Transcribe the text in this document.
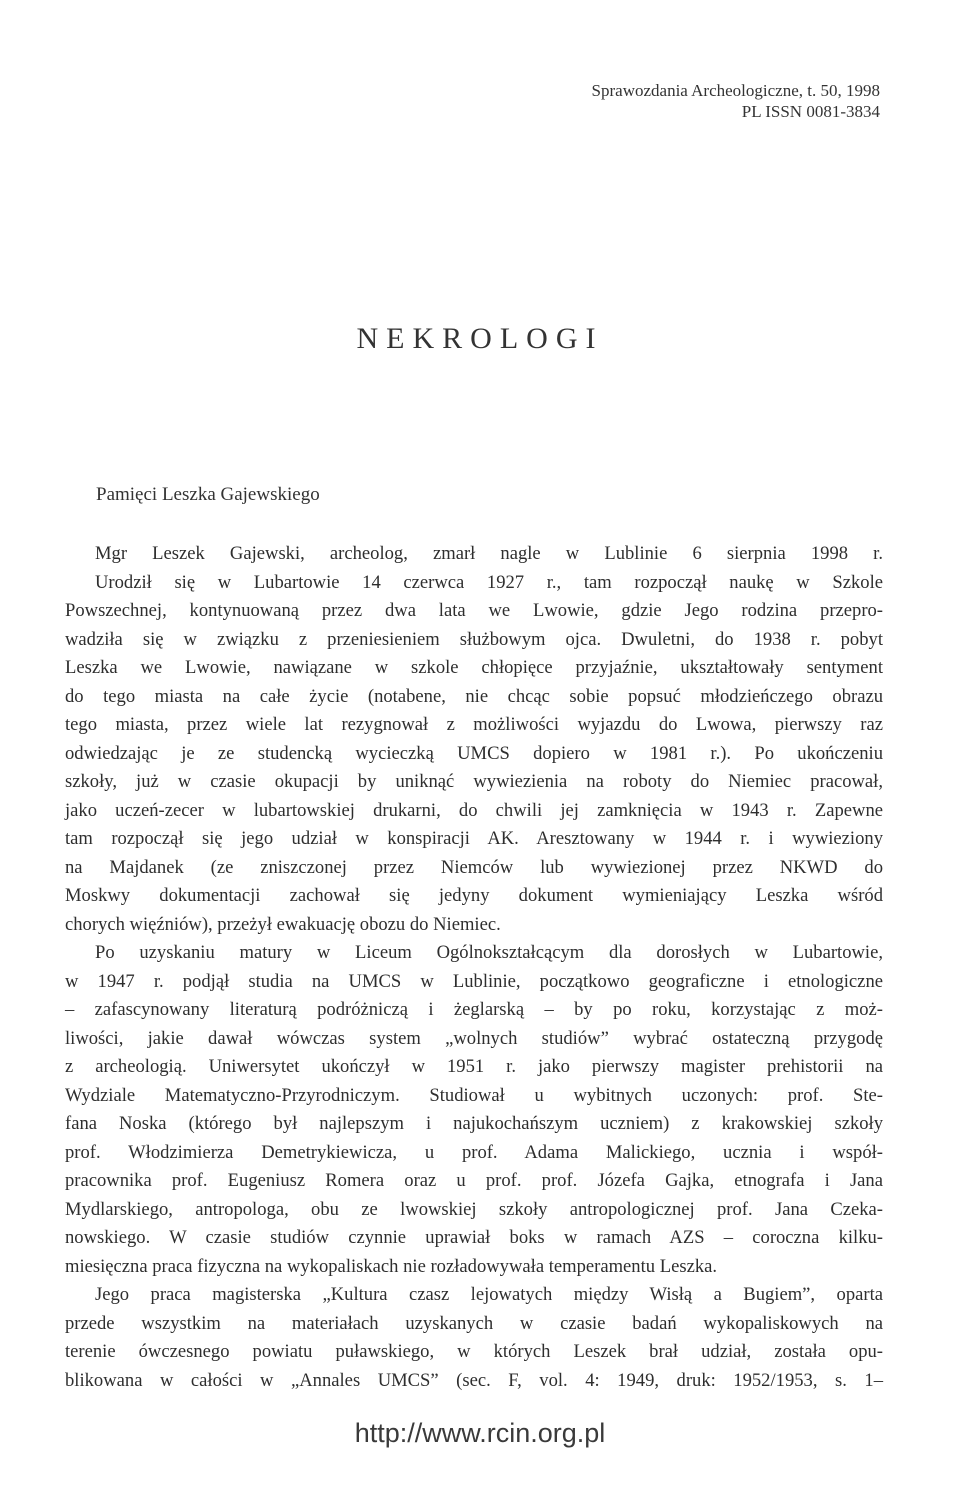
Sprawozdania Archeologiczne, t. 50, 1998
PL ISSN 0081-3834
NEKROLOGI
Pamięci Leszka Gajewskiego
Mgr Leszek Gajewski, archeolog, zmarł nagle w Lublinie 6 sierpnia 1998 r.
Urodził się w Lubartowie 14 czerwca 1927 r., tam rozpoczął naukę w Szkole
Powszechnej, kontynuowaną przez dwa lata we Lwowie, gdzie Jego rodzina przepro-
wadziła się w związku z przeniesieniem służbowym ojca. Dwuletni, do 1938 r. pobyt
Leszka we Lwowie, nawiązane w szkole chłopięce przyjaźnie, ukształtowały sentyment
do tego miasta na całe życie (notabene, nie chcąc sobie popsuć młodzieńczego obrazu
tego miasta, przez wiele lat rezygnował z możliwości wyjazdu do Lwowa, pierwszy raz
odwiedzając je ze studencką wycieczką UMCS dopiero w 1981 r.). Po ukończeniu
szkoły, już w czasie okupacji by uniknąć wywiezienia na roboty do Niemiec pracował,
jako uczeń-zecer w lubartowskiej drukarni, do chwili jej zamknięcia w 1943 r. Zapewne
tam rozpoczął się jego udział w konspiracji AK. Aresztowany w 1944 r. i wywieziony
na Majdanek (ze zniszczonej przez Niemców lub wywiezionej przez NKWD do
Moskwy dokumentacji zachował się jedyny dokument wymieniający Leszka wśród
chorych więźniów), przeżył ewakuację obozu do Niemiec.
Po uzyskaniu matury w Liceum Ogólnokształcącym dla dorosłych w Lubartowie,
w 1947 r. podjął studia na UMCS w Lublinie, początkowo geograficzne i etnologiczne
– zafascynowany literaturą podróżniczą i żeglarską – by po roku, korzystając z moż-
liwości, jakie dawał wówczas system „wolnych studiów” wybrać ostateczną przygodę
z archeologią. Uniwersytet ukończył w 1951 r. jako pierwszy magister prehistorii na
Wydziale Matematyczno-Przyrodniczym. Studiował u wybitnych uczonych: prof. Ste-
fana Noska (którego był najlepszym i najukochańszym uczniem) z krakowskiej szkoły
prof. Włodzimierza Demetrykiewicza, u prof. Adama Malickiego, ucznia i współ-
pracownika prof. Eugeniusz Romera oraz u prof. prof. Józefa Gajka, etnografa i Jana
Mydlarskiego, antropologa, obu ze lwowskiej szkoły antropologicznej prof. Jana Czeka-
nowskiego. W czasie studiów czynnie uprawiał boks w ramach AZS – coroczna kilku-
miesięczna praca fizyczna na wykopaliskach nie rozładowywała temperamentu Leszka.
Jego praca magisterska „Kultura czasz lejowatych między Wisłą a Bugiem”, oparta
przede wszystkim na materiałach uzyskanych w czasie badań wykopaliskowych na
terenie ówczesnego powiatu puławskiego, w których Leszek brał udział, została opu-
blikowana w całości w „Annales UMCS” (sec. F, vol. 4: 1949, druk: 1952/1953, s. 1–
http://www.rcin.org.pl
